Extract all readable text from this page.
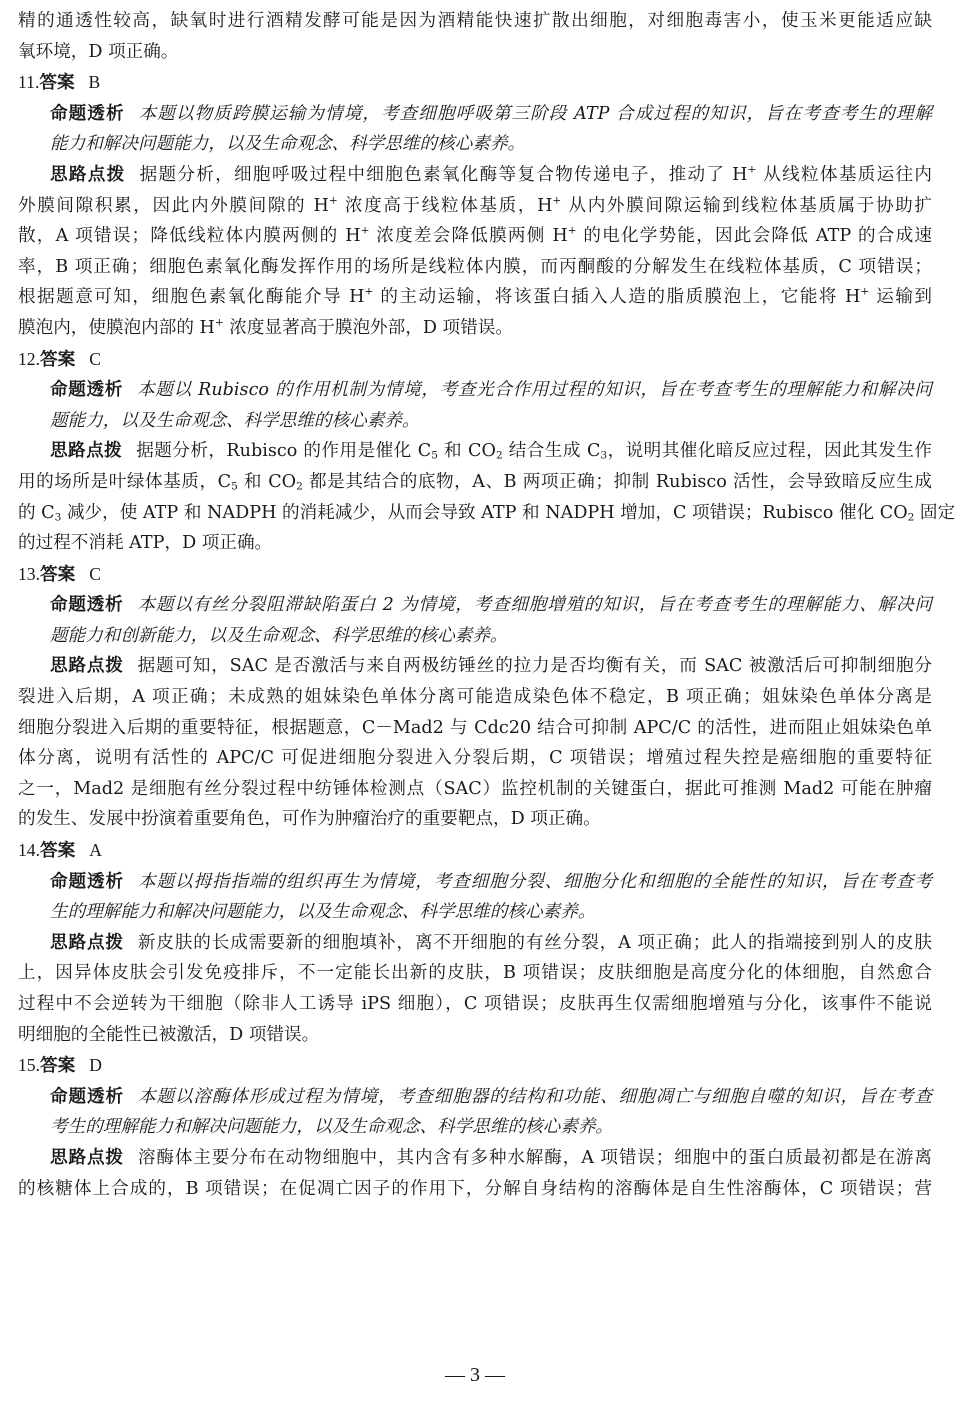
精的通透性较高，缺氧时进行酒精发酵可能是因为酒精能快速扩散出细胞，对细胞毒害小，使玉米更能适应缺
氧环境，D 项正确。
11.答案 B
命题透析 本题以物质跨膜运输为情境，考查细胞呼吸第三阶段 ATP 合成过程的知识，旨在考查考生的理解
能力和解决问题能力，以及生命观念、科学思维的核心素养。
思路点拨 据题分析，细胞呼吸过程中细胞色素氧化酶等复合物传递电子，推动了 H+ 从线粒体基质运往内
外膜间隙积累，因此内外膜间隙的 H+ 浓度高于线粒体基质，H+ 从内外膜间隙运输到线粒体基质属于协助扩
散，A 项错误；降低线粒体内膜两侧的 H+ 浓度差会降低膜两侧 H+ 的电化学势能，因此会降低 ATP 的合成速
率，B 项正确；细胞色素氧化酶发挥作用的场所是线粒体内膜，而丙酮酸的分解发生在线粒体基质，C 项错误；
根据题意可知，细胞色素氧化酶能介导 H+ 的主动运输，将该蛋白插入人造的脂质膜泡上，它能将 H+ 运输到
膜泡内，使膜泡内部的 H+ 浓度显著高于膜泡外部，D 项错误。
12.答案 C
命题透析 本题以 Rubisco 的作用机制为情境，考查光合作用过程的知识，旨在考查考生的理解能力和解决问
题能力，以及生命观念、科学思维的核心素养。
思路点拨 据题分析，Rubisco 的作用是催化 $C_5$ 和 $CO_2$ 结合生成 $C_3$，说明其催化暗反应过程，因此其发生作
用的场所是叶绿体基质，$C_5$ 和 $CO_2$ 都是其结合的底物，A、B 两项正确；抑制 Rubisco 活性，会导致暗反应生成
的 $C_3$ 减少，使 ATP 和 NADPH 的消耗减少，从而会导致 ATP 和 NADPH 增加，C 项错误；Rubisco 催化 $CO_2$ 固定
的过程不消耗 ATP，D 项正确。
13.答案 C
命题透析 本题以有丝分裂阻滞缺陷蛋白 2 为情境，考查细胞增殖的知识，旨在考查考生的理解能力、解决问
题能力和创新能力，以及生命观念、科学思维的核心素养。
思路点拨 据题可知，SAC 是否激活与来自两极纺锤丝的拉力是否均衡有关，而 SAC 被激活后可抑制细胞分
裂进入后期，A 项正确；未成熟的姐妹染色单体分离可能造成染色体不稳定，B 项正确；姐妹染色单体分离是
细胞分裂进入后期的重要特征，根据题意，C－Mad2 与 Cdc20 结合可抑制 APC/C 的活性，进而阻止姐妹染色单
体分离，说明有活性的 APC/C 可促进细胞分裂进入分裂后期，C 项错误；增殖过程失控是癌细胞的重要特征
之一，Mad2 是细胞有丝分裂过程中纺锤体检测点（SAC）监控机制的关键蛋白，据此可推测 Mad2 可能在肿瘤
的发生、发展中扮演着重要角色，可作为肿瘤治疗的重要靶点，D 项正确。
14.答案 A
命题透析 本题以拇指指端的组织再生为情境，考查细胞分裂、细胞分化和细胞的全能性的知识，旨在考查考
生的理解能力和解决问题能力，以及生命观念、科学思维的核心素养。
思路点拨 新皮肤的长成需要新的细胞填补，离不开细胞的有丝分裂，A 项正确；此人的指端接到别人的皮肤
上，因异体皮肤会引发免疫排斥，不一定能长出新的皮肤，B 项错误；皮肤细胞是高度分化的体细胞，自然愈合
过程中不会逆转为干细胞（除非人工诱导 iPS 细胞），C 项错误；皮肤再生仅需细胞增殖与分化，该事件不能说
明细胞的全能性已被激活，D 项错误。
15.答案 D
命题透析 本题以溶酶体形成过程为情境，考查细胞器的结构和功能、细胞凋亡与细胞自噬的知识，旨在考查
考生的理解能力和解决问题能力，以及生命观念、科学思维的核心素养。
思路点拨 溶酶体主要分布在动物细胞中，其内含有多种水解酶，A 项错误；细胞中的蛋白质最初都是在游离
的核糖体上合成的，B 项错误；在促凋亡因子的作用下，分解自身结构的溶酶体是自生性溶酶体，C 项错误；营
— 3 —
